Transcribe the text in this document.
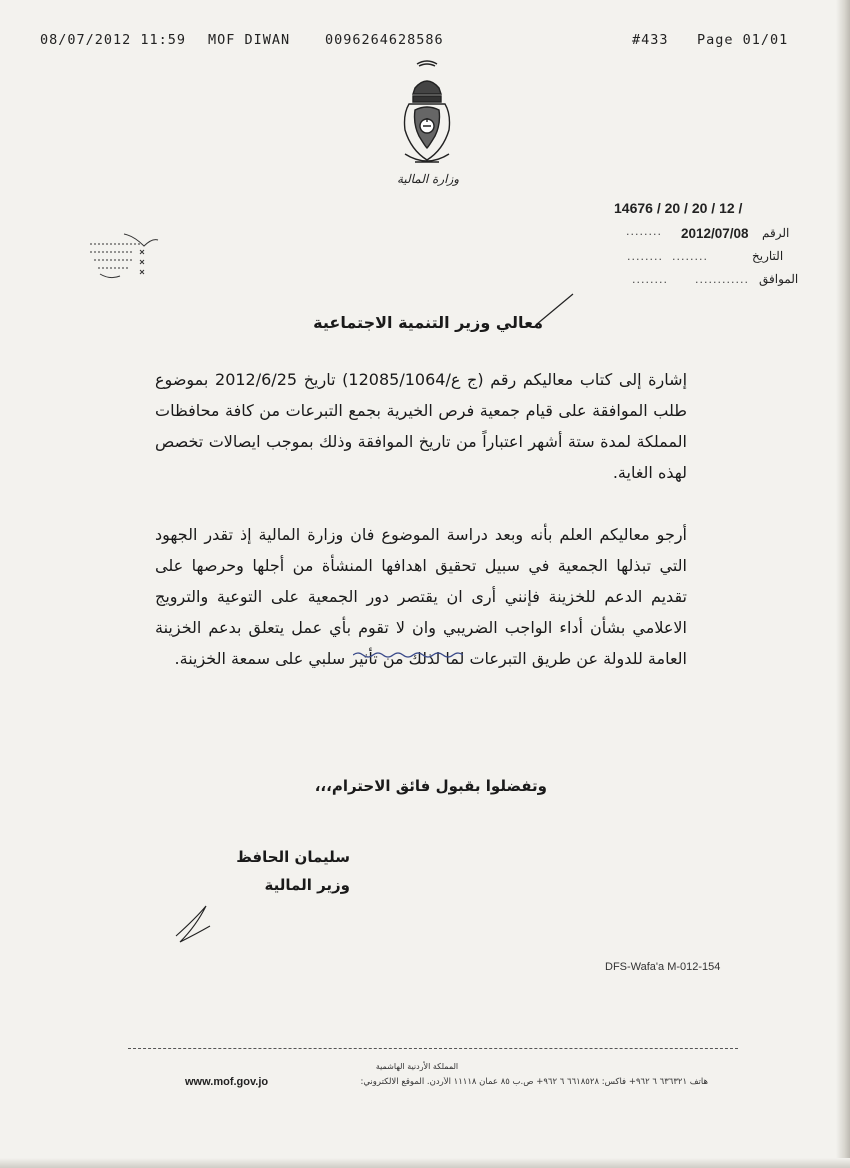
08/07/2012 11:59 MOF DIWAN	0096264628586	#433 Page 01/01
وزارة المالية
14676 / 20 / 20 / 12 /
........ 2012/07/08 الرقم
........ ........	التاريخ
........ ............ الموافق
معالي وزير التنمية الاجتماعية
إشارة إلى كتاب معاليكم رقم (ج ع/12085/1064) تاريخ 2012/6/25 بموضوع طلب الموافقة على قيام جمعية فرص الخيرية بجمع التبرعات من كافة محافظات المملكة لمدة ستة أشهر اعتباراً من تاريخ الموافقة وذلك بموجب ايصالات تخصص لهذه الغاية.
أرجو معاليكم العلم بأنه وبعد دراسة الموضوع فان وزارة المالية إذ تقدر الجهود التي تبذلها الجمعية في سبيل تحقيق اهدافها المنشأة من أجلها وحرصها على تقديم الدعم للخزينة فإنني أرى ان يقتصر دور الجمعية على التوعية والترويج الاعلامي بشأن أداء الواجب الضريبي وان لا تقوم بأي عمل يتعلق بدعم الخزينة العامة للدولة عن طريق التبرعات لما لذلك من تأثير سلبي على سمعة الخزينة.
وتفضلوا بقبول فائق الاحترام،،،
سليمان الحافظ
وزير المالية
DFS-Wafa'a M-012-154
المملكة الأردنية الهاشمية
www.mof.gov.jo	هاتف ٦٣٦٣٢١ ٦ ٩٦٢+ فاكس: ٦٦١٨٥٢٨ ٦ ٩٦٢+ ص.ب ٨٥ عمان ١١١١٨ الأردن. الموقع الالكتروني:
